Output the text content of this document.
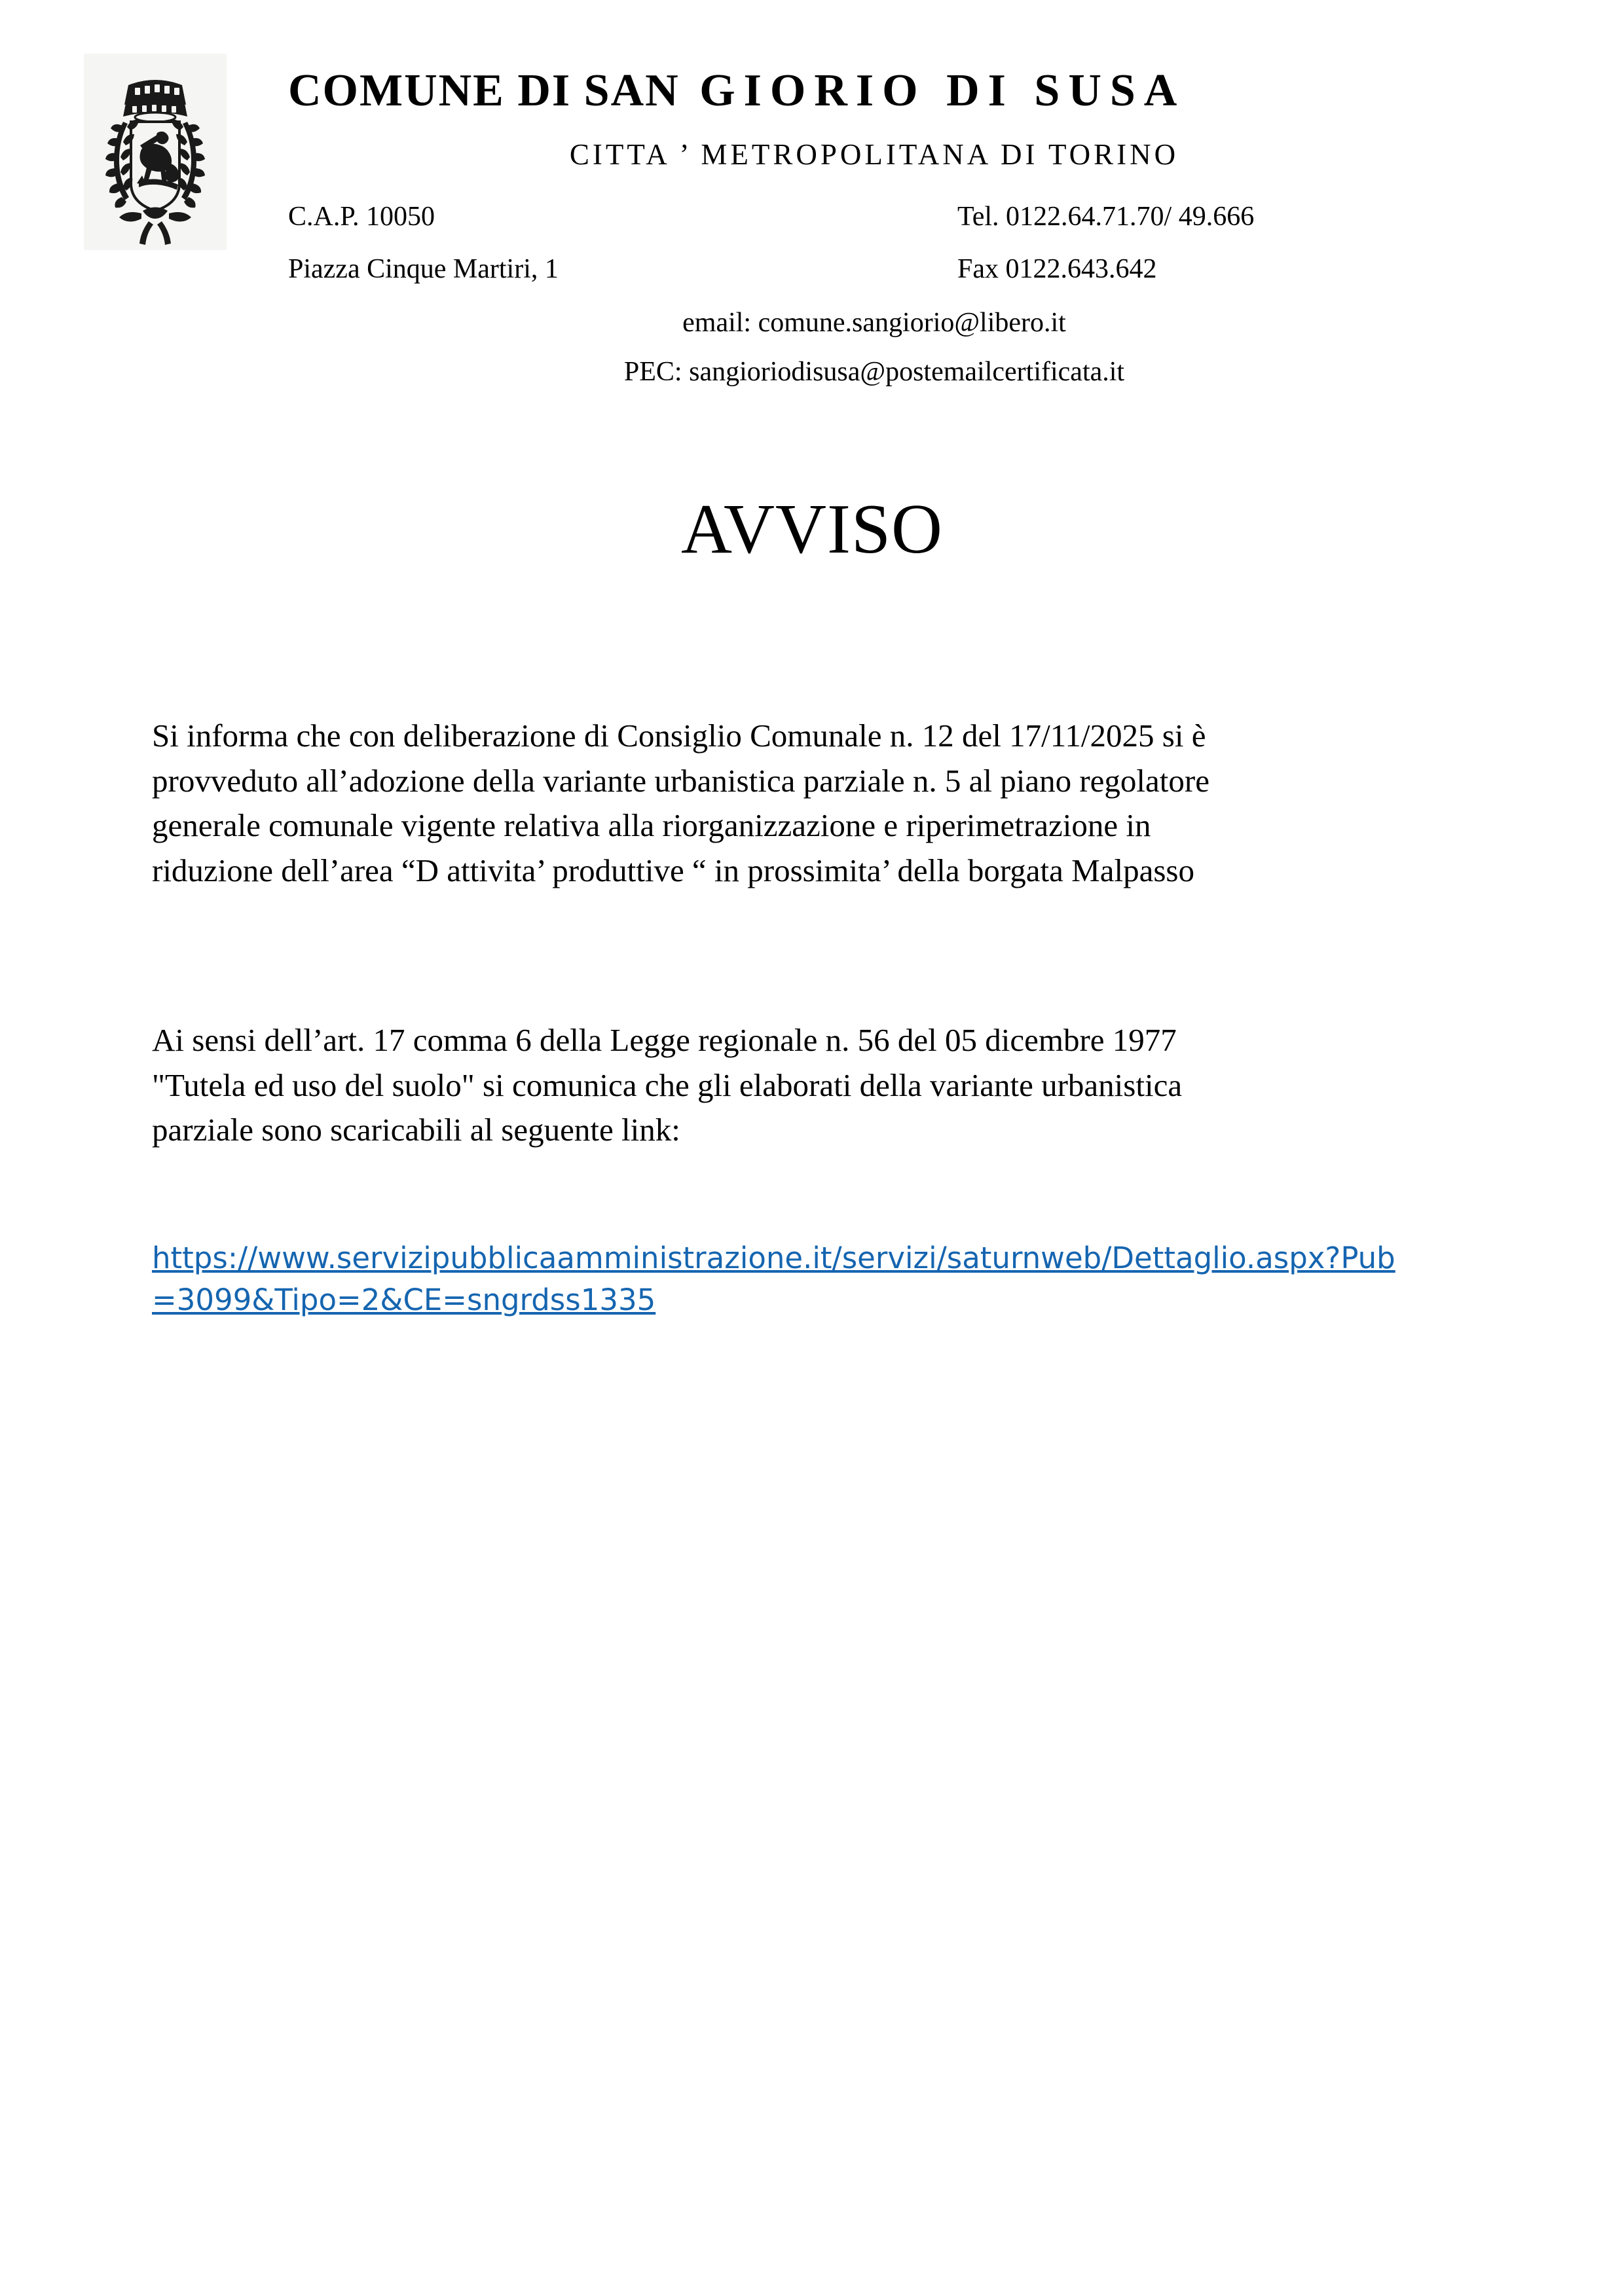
COMUNE DI SAN GIORIO DI SUSA
CITTA ’ METROPOLITANA DI TORINO
C.A.P. 10050	Tel. 0122.64.71.70/ 49.666
Piazza Cinque Martiri, 1	Fax 0122.643.642
email: comune.sangiorio@libero.it
PEC: sangioriodisusa@postemailcertificata.it
AVVISO
Si informa che con deliberazione di Consiglio Comunale n. 12 del 17/11/2025 si è
provveduto all’adozione della variante urbanistica parziale n. 5 al piano regolatore
generale comunale vigente relativa alla riorganizzazione e riperimetrazione in
riduzione dell’area “D attivita’ produttive “ in prossimita’ della borgata Malpasso
Ai sensi dell’art. 17 comma 6 della Legge regionale n. 56 del 05 dicembre 1977
"Tutela ed uso del suolo" si comunica che gli elaborati della variante urbanistica
parziale sono scaricabili al seguente link:
https://www.servizipubblicaamministrazione.it/servizi/saturnweb/Dettaglio.aspx?Pub=3099&Tipo=2&CE=sngrdss1335
